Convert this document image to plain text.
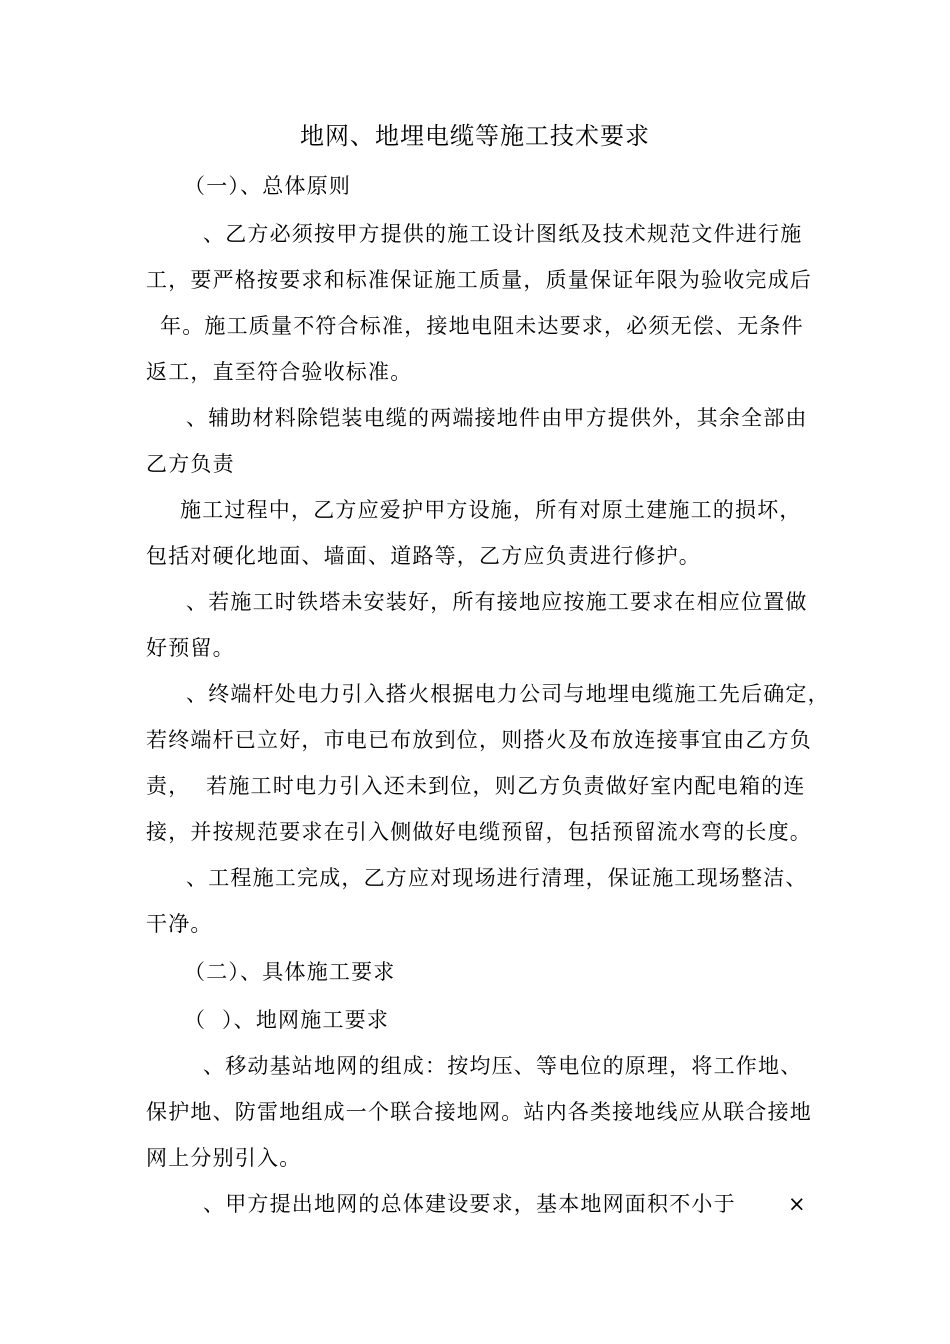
地网、地埋电缆等施工技术要求
（一）、总体原则
、乙方必须按甲方提供的施工设计图纸及技术规范文件进行施
工，要严格按要求和标准保证施工质量，质量保证年限为验收完成后
年。施工质量不符合标准，接地电阻未达要求，必须无偿、无条件
返工，直至符合验收标准。
、辅助材料除铠装电缆的两端接地件由甲方提供外，其余全部由
乙方负责
施工过程中，乙方应爱护甲方设施，所有对原土建施工的损坏，
包括对硬化地面、墙面、道路等，乙方应负责进行修护。
、若施工时铁塔未安装好，所有接地应按施工要求在相应位置做
好预留。
、终端杆处电力引入搭火根据电力公司与地埋电缆施工先后确定，
若终端杆已立好，市电已布放到位，则搭火及布放连接事宜由乙方负
责，  若施工时电力引入还未到位，则乙方负责做好室内配电箱的连
接，并按规范要求在引入侧做好电缆预留，包括预留流水弯的长度。
、工程施工完成，乙方应对现场进行清理，保证施工现场整洁、
干净。
（二）、具体施工要求
（  ）、地网施工要求
、移动基站地网的组成：按均压、等电位的原理，将工作地、
保护地、防雷地组成一个联合接地网。站内各类接地线应从联合接地
网上分别引入。
、甲方提出地网的总体建设要求，基本地网面积不小于 ×
